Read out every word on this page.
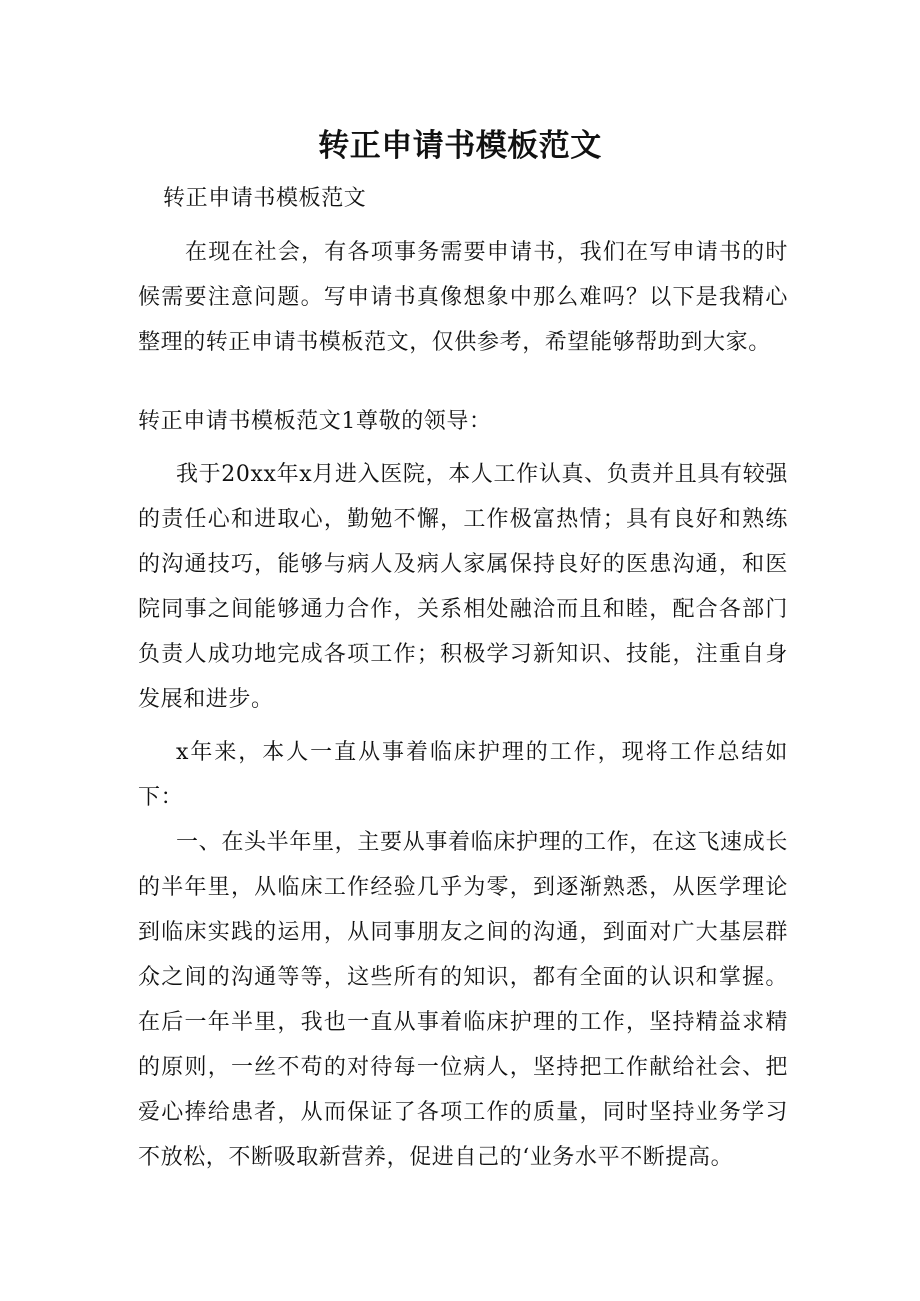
转正申请书模板范文

转正申请书模板范文

在现在社会，有各项事务需要申请书，我们在写申请书的时候需要注意问题。写申请书真像想象中那么难吗？以下是我精心整理的转正申请书模板范文，仅供参考，希望能够帮助到大家。

转正申请书模板范文1尊敬的领导：

我于20xx年x月进入医院，本人工作认真、负责并且具有较强的责任心和进取心，勤勉不懈，工作极富热情；具有良好和熟练的沟通技巧，能够与病人及病人家属保持良好的医患沟通，和医院同事之间能够通力合作，关系相处融洽而且和睦，配合各部门负责人成功地完成各项工作；积极学习新知识、技能，注重自身发展和进步。

x年来，本人一直从事着临床护理的工作，现将工作总结如下：

一、在头半年里，主要从事着临床护理的工作，在这飞速成长的半年里，从临床工作经验几乎为零，到逐渐熟悉，从医学理论到临床实践的运用，从同事朋友之间的沟通，到面对广大基层群众之间的沟通等等，这些所有的知识，都有全面的认识和掌握。在后一年半里，我也一直从事着临床护理的工作，坚持精益求精的原则，一丝不苟的对待每一位病人，坚持把工作献给社会、把爱心捧给患者，从而保证了各项工作的质量，同时坚持业务学习不放松，不断吸取新营养，促进自己的‘业务水平不断提高。
